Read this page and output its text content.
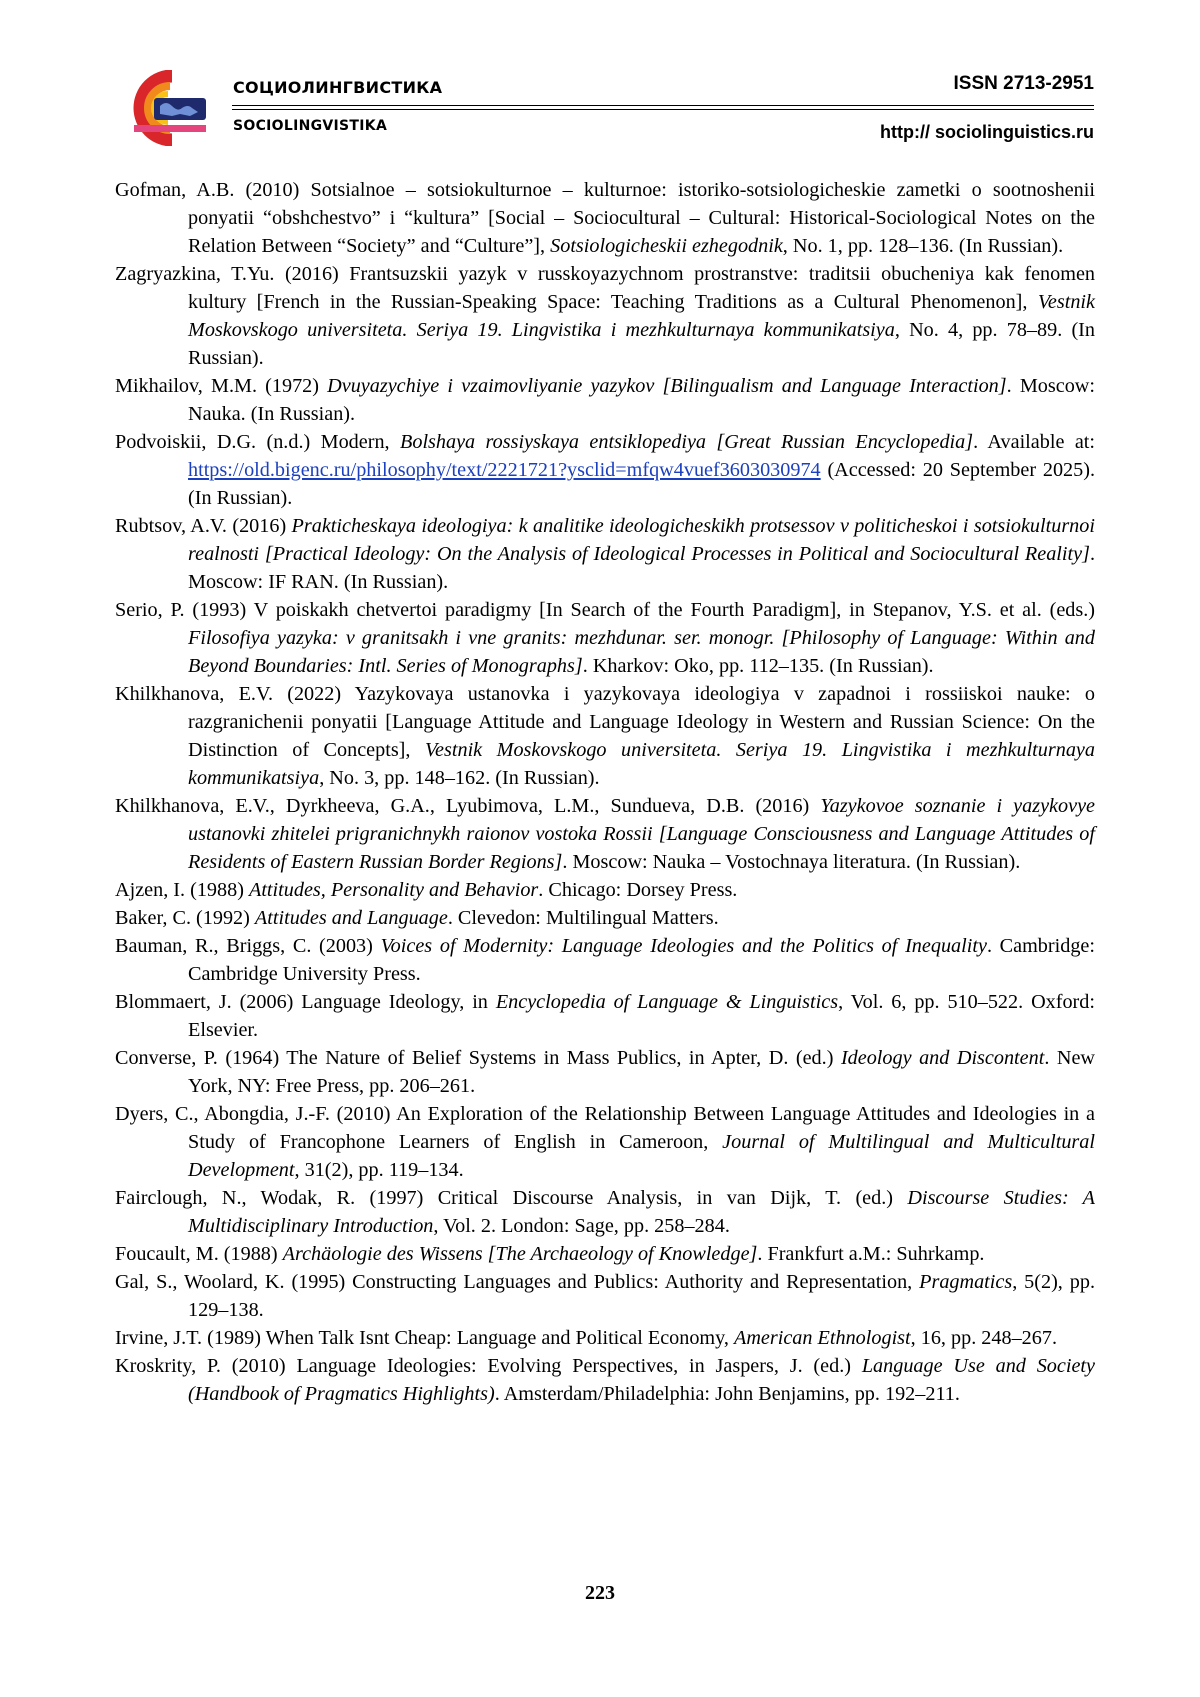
СОЦИОЛИНГВИСТИКА
SOCIOLINGVISTIKA
ISSN 2713-2951
http:// sociolinguistics.ru

Gofman, A.B. (2010) Sotsialnoe – sotsiokulturnoe – kulturnoe: istoriko-sotsiologicheskie zametki o sootnoshenii ponyatii “obshchestvo” i “kultura” [Social – Sociocultural – Cultural: Historical-Sociological Notes on the Relation Between “Society” and “Culture”], Sotsiologicheskii ezhegodnik, No. 1, pp. 128–136. (In Russian).

Zagryazkina, T.Yu. (2016) Frantsuzskii yazyk v russkoyazychnom prostranstve: traditsii obucheniya kak fenomen kultury [French in the Russian-Speaking Space: Teaching Traditions as a Cultural Phenomenon], Vestnik Moskovskogo universiteta. Seriya 19. Lingvistika i mezhkulturnaya kommunikatsiya, No. 4, pp. 78–89. (In Russian).

Mikhailov, M.M. (1972) Dvuyazychiye i vzaimovliyanie yazykov [Bilingualism and Language Interaction]. Moscow: Nauka. (In Russian).

Podvoiskii, D.G. (n.d.) Modern, Bolshaya rossiyskaya entsiklopediya [Great Russian Encyclopedia]. Available at: https://old.bigenc.ru/philosophy/text/2221721?ysclid=mfqw4vuef3603030974 (Accessed: 20 September 2025). (In Russian).

Rubtsov, A.V. (2016) Prakticheskaya ideologiya: k analitike ideologicheskikh protsessov v politicheskoi i sotsiokulturnoi realnosti [Practical Ideology: On the Analysis of Ideological Processes in Political and Sociocultural Reality]. Moscow: IF RAN. (In Russian).

Serio, P. (1993) V poiskakh chetvertoi paradigmy [In Search of the Fourth Paradigm], in Stepanov, Y.S. et al. (eds.) Filosofiya yazyka: v granitsakh i vne granits: mezhdunar. ser. monogr. [Philosophy of Language: Within and Beyond Boundaries: Intl. Series of Monographs]. Kharkov: Oko, pp. 112–135. (In Russian).

Khilkhanova, E.V. (2022) Yazykovaya ustanovka i yazykovaya ideologiya v zapadnoi i rossiiskoi nauke: o razgranichenii ponyatii [Language Attitude and Language Ideology in Western and Russian Science: On the Distinction of Concepts], Vestnik Moskovskogo universiteta. Seriya 19. Lingvistika i mezhkulturnaya kommunikatsiya, No. 3, pp. 148–162. (In Russian).

Khilkhanova, E.V., Dyrkheeva, G.A., Lyubimova, L.M., Sundueva, D.B. (2016) Yazykovoe soznanie i yazykovye ustanovki zhitelei prigranichnykh raionov vostoka Rossii [Language Consciousness and Language Attitudes of Residents of Eastern Russian Border Regions]. Moscow: Nauka – Vostochnaya literatura. (In Russian).

Ajzen, I. (1988) Attitudes, Personality and Behavior. Chicago: Dorsey Press.

Baker, C. (1992) Attitudes and Language. Clevedon: Multilingual Matters.

Bauman, R., Briggs, C. (2003) Voices of Modernity: Language Ideologies and the Politics of Inequality. Cambridge: Cambridge University Press.

Blommaert, J. (2006) Language Ideology, in Encyclopedia of Language & Linguistics, Vol. 6, pp. 510–522. Oxford: Elsevier.

Converse, P. (1964) The Nature of Belief Systems in Mass Publics, in Apter, D. (ed.) Ideology and Discontent. New York, NY: Free Press, pp. 206–261.

Dyers, C., Abongdia, J.-F. (2010) An Exploration of the Relationship Between Language Attitudes and Ideologies in a Study of Francophone Learners of English in Cameroon, Journal of Multilingual and Multicultural Development, 31(2), pp. 119–134.

Fairclough, N., Wodak, R. (1997) Critical Discourse Analysis, in van Dijk, T. (ed.) Discourse Studies: A Multidisciplinary Introduction, Vol. 2. London: Sage, pp. 258–284.

Foucault, M. (1988) Archäologie des Wissens [The Archaeology of Knowledge]. Frankfurt a.M.: Suhrkamp.

Gal, S., Woolard, K. (1995) Constructing Languages and Publics: Authority and Representation, Pragmatics, 5(2), pp. 129–138.

Irvine, J.T. (1989) When Talk Isnt Cheap: Language and Political Economy, American Ethnologist, 16, pp. 248–267.

Kroskrity, P. (2010) Language Ideologies: Evolving Perspectives, in Jaspers, J. (ed.) Language Use and Society (Handbook of Pragmatics Highlights). Amsterdam/Philadelphia: John Benjamins, pp. 192–211.

223
